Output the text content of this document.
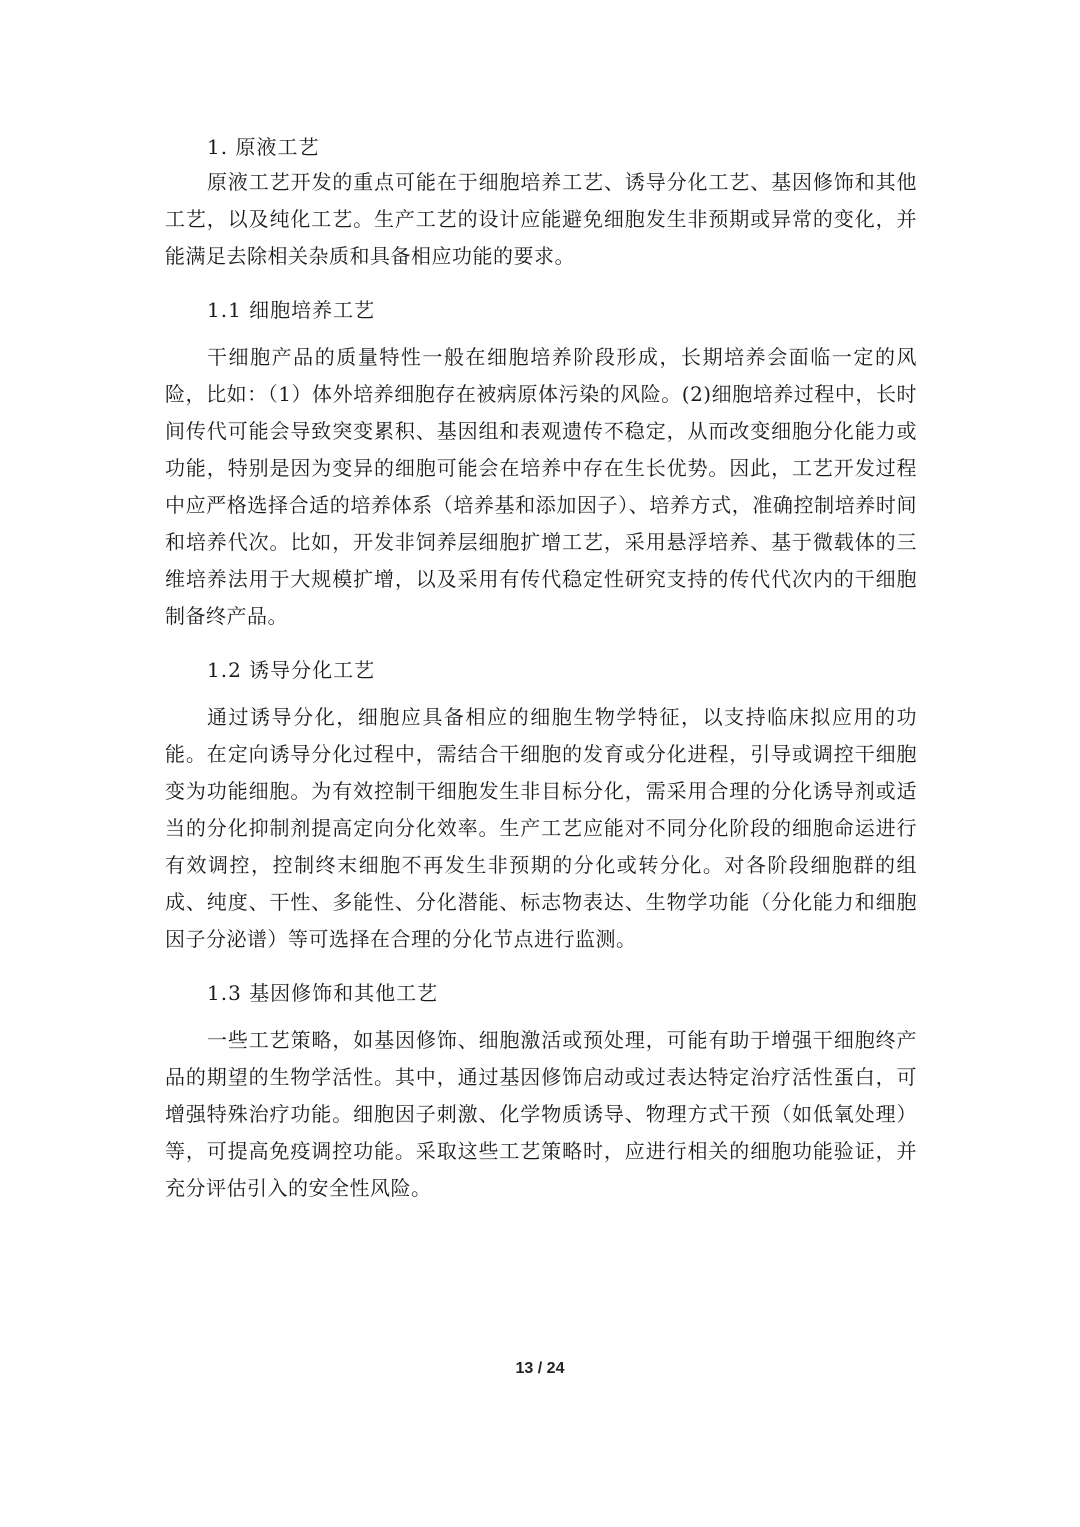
1. 原液工艺

原液工艺开发的重点可能在于细胞培养工艺、诱导分化工艺、基因修饰和其他工艺，以及纯化工艺。生产工艺的设计应能避免细胞发生非预期或异常的变化，并能满足去除相关杂质和具备相应功能的要求。

1.1 细胞培养工艺

干细胞产品的质量特性一般在细胞培养阶段形成，长期培养会面临一定的风险，比如：（1）体外培养细胞存在被病原体污染的风险。(2)细胞培养过程中，长时间传代可能会导致突变累积、基因组和表观遗传不稳定，从而改变细胞分化能力或功能，特别是因为变异的细胞可能会在培养中存在生长优势。因此，工艺开发过程中应严格选择合适的培养体系（培养基和添加因子）、培养方式，准确控制培养时间和培养代次。比如，开发非饲养层细胞扩增工艺，采用悬浮培养、基于微载体的三维培养法用于大规模扩增，以及采用有传代稳定性研究支持的传代代次内的干细胞制备终产品。

1.2 诱导分化工艺

通过诱导分化，细胞应具备相应的细胞生物学特征，以支持临床拟应用的功能。在定向诱导分化过程中，需结合干细胞的发育或分化进程，引导或调控干细胞变为功能细胞。为有效控制干细胞发生非目标分化，需采用合理的分化诱导剂或适当的分化抑制剂提高定向分化效率。生产工艺应能对不同分化阶段的细胞命运进行有效调控，控制终末细胞不再发生非预期的分化或转分化。对各阶段细胞群的组成、纯度、干性、多能性、分化潜能、标志物表达、生物学功能（分化能力和细胞因子分泌谱）等可选择在合理的分化节点进行监测。

1.3 基因修饰和其他工艺

一些工艺策略，如基因修饰、细胞激活或预处理，可能有助于增强干细胞终产品的期望的生物学活性。其中，通过基因修饰启动或过表达特定治疗活性蛋白，可增强特殊治疗功能。细胞因子刺激、化学物质诱导、物理方式干预（如低氧处理）等，可提高免疫调控功能。采取这些工艺策略时，应进行相关的细胞功能验证，并充分评估引入的安全性风险。

13 / 24
